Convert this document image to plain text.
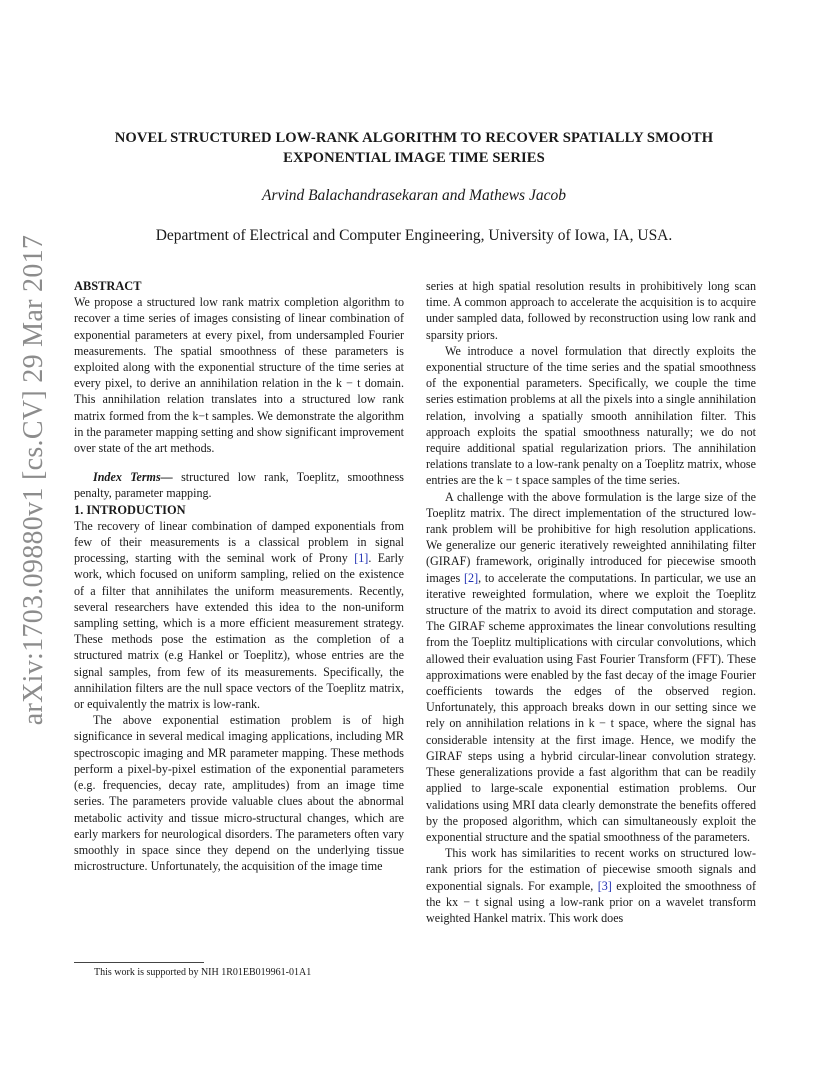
NOVEL STRUCTURED LOW-RANK ALGORITHM TO RECOVER SPATIALLY SMOOTH
EXPONENTIAL IMAGE TIME SERIES
Arvind Balachandrasekaran and Mathews Jacob
Department of Electrical and Computer Engineering, University of Iowa, IA, USA.
arXiv:1703.09880v1 [cs.CV] 29 Mar 2017 ABSTRACT

We propose a structured low rank matrix completion algorithm to recover a time series of images consisting of linear combination of exponential parameters at every pixel, from undersampled Fourier measurements. The spatial smoothness of these parameters is exploited along with the exponential structure of the time series at every pixel, to derive an annihilation relation in the k − t domain. This annihilation relation translates into a structured low rank matrix formed from the k−t samples. We demonstrate the algorithm in the parameter mapping setting and show significant improvement over state of the art methods.

Index Terms— structured low rank, Toeplitz, smoothness penalty, parameter mapping.

1. INTRODUCTION

The recovery of linear combination of damped exponentials from few of their measurements is a classical problem in signal processing, starting with the seminal work of Prony [1]. Early work, which focused on uniform sampling, relied on the existence of a filter that annihilates the uniform measurements. Recently, several researchers have extended this idea to the non-uniform sampling setting, which is a more efficient measurement strategy. These methods pose the estimation as the completion of a structured matrix (e.g Hankel or Toeplitz), whose entries are the signal samples, from few of its measurements. Specifically, the annihilation filters are the null space vectors of the Toeplitz matrix, or equivalently the matrix is low-rank.

The above exponential estimation problem is of high significance in several medical imaging applications, including MR spectroscopic imaging and MR parameter mapping. These methods perform a pixel-by-pixel estimation of the exponential parameters (e.g. frequencies, decay rate, amplitudes) from an image time series. The parameters provide valuable clues about the abnormal metabolic activity and tissue micro-structural changes, which are early markers for neurological disorders. The parameters often vary smoothly in space since they depend on the underlying tissue microstructure. Unfortunately, the acquisition of the image time

series at high spatial resolution results in prohibitively long scan time. A common approach to accelerate the acquisition is to acquire under sampled data, followed by reconstruction using low rank and sparsity priors.

We introduce a novel formulation that directly exploits the exponential structure of the time series and the spatial smoothness of the exponential parameters. Specifically, we couple the time series estimation problems at all the pixels into a single annihilation relation, involving a spatially smooth annihilation filter. This approach exploits the spatial smoothness naturally; we do not require additional spatial regularization priors. The annihilation relations translate to a low-rank penalty on a Toeplitz matrix, whose entries are the k − t space samples of the time series.

A challenge with the above formulation is the large size of the Toeplitz matrix. The direct implementation of the structured low-rank problem will be prohibitive for high resolution applications. We generalize our generic iteratively reweighted annihilating filter (GIRAF) framework, originally introduced for piecewise smooth images [2], to accelerate the computations. In particular, we use an iterative reweighted formulation, where we exploit the Toeplitz structure of the matrix to avoid its direct computation and storage. The GIRAF scheme approximates the linear convolutions resulting from the Toeplitz multiplications with circular convolutions, which allowed their evaluation using Fast Fourier Transform (FFT). These approximations were enabled by the fast decay of the image Fourier coefficients towards the edges of the observed region. Unfortunately, this approach breaks down in our setting since we rely on annihilation relations in k − t space, where the signal has considerable intensity at the first image. Hence, we modify the GIRAF steps using a hybrid circular-linear convolution strategy. These generalizations provide a fast algorithm that can be readily applied to large-scale exponential estimation problems. Our validations using MRI data clearly demonstrate the benefits offered by the proposed algorithm, which can simultaneously exploit the exponential structure and the spatial smoothness of the parameters.

This work has similarities to recent works on structured low-rank priors for the estimation of piecewise smooth signals and exponential signals. For example, [3] exploited the smoothness of the kx − t signal using a low-rank prior on a wavelet transform weighted Hankel matrix. This work does

This work is supported by NIH 1R01EB019961-01A1
